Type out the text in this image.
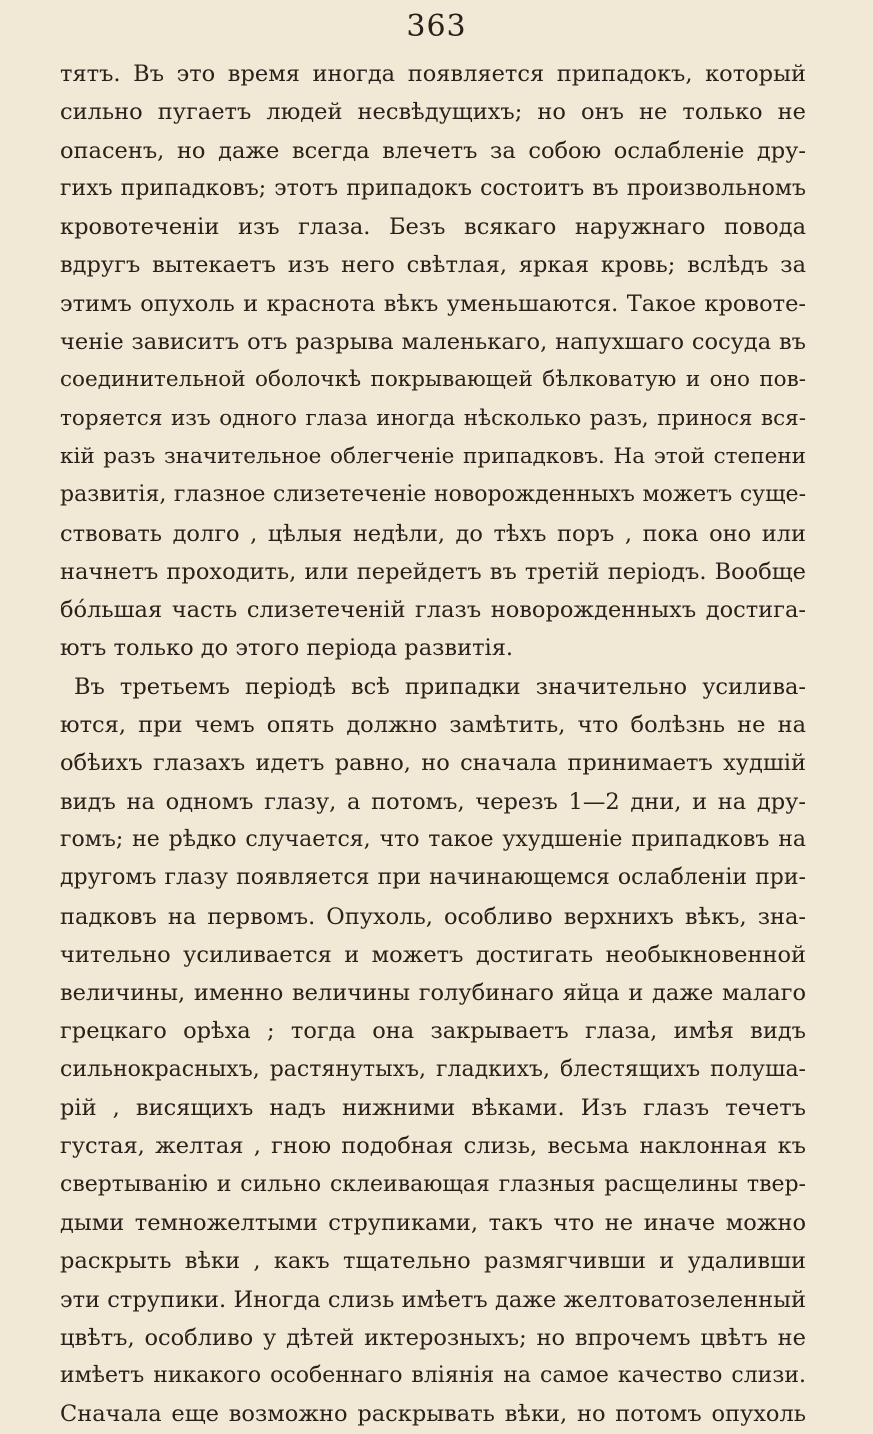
363
тятъ. Въ это время иногда появляется припадокъ, который
сильно пугаетъ людей несвѣдущихъ; но онъ не только не
опасенъ, но даже всегда влечетъ за собою ослабленіе дру-
гихъ припадковъ; этотъ припадокъ состоитъ въ произвольномъ
кровотеченіи изъ глаза. Безъ всякаго наружнаго повода
вдругъ вытекаетъ изъ него свѣтлая, яркая кровь; вслѣдъ за
этимъ опухоль и краснота вѣкъ уменьшаются. Такое кровоте-
ченіе зависитъ отъ разрыва маленькаго, напухшаго сосуда въ
соединительной оболочкѣ покрывающей бѣлковатую и оно пов-
торяется изъ одного глаза иногда нѣсколько разъ, принося вся-
кій разъ значительное облегченіе припадковъ. На этой степени
развитія, глазное слизетеченіе новорожденныхъ можетъ суще-
ствовать долго , цѣлыя недѣли, до тѣхъ поръ , пока оно или
начнетъ проходить, или перейдетъ въ третій періодъ. Вообще
бо́льшая часть слизетеченій глазъ новорожденныхъ достига-
ютъ только до этого періода развитія.
Въ третьемъ періодѣ всѣ припадки значительно усилива-
ются, при чемъ опять должно замѣтить, что болѣзнь не на
обѣихъ глазахъ идетъ равно, но сначала принимаетъ худшій
видъ на одномъ глазу, а потомъ, черезъ 1—2 дни, и на дру-
гомъ; не рѣдко случается, что такое ухудшеніе припадковъ на
другомъ глазу появляется при начинающемся ослабленіи при-
падковъ на первомъ. Опухоль, особливо верхнихъ вѣкъ, зна-
чительно усиливается и можетъ достигать необыкновенной
величины, именно величины голубинаго яйца и даже малаго
грецкаго орѣха ; тогда она закрываетъ глаза, имѣя видъ
сильнокрасныхъ, растянутыхъ, гладкихъ, блестящихъ полуша-
рій , висящихъ надъ нижними вѣками. Изъ глазъ течетъ
густая, желтая , гною подобная слизь, весьма наклонная къ
свертыванію и сильно склеивающая глазныя расщелины твер-
дыми темножелтыми струпиками, такъ что не иначе можно
раскрыть вѣки , какъ тщательно размягчивши и удаливши
эти струпики. Иногда слизь имѣетъ даже желтоватозеленный
цвѣтъ, особливо у дѣтей иктерозныхъ; но впрочемъ цвѣтъ не
имѣетъ никакого особеннаго вліянія на самое качество слизи.
Сначала еще возможно раскрывать вѣки, но потомъ опухоль
